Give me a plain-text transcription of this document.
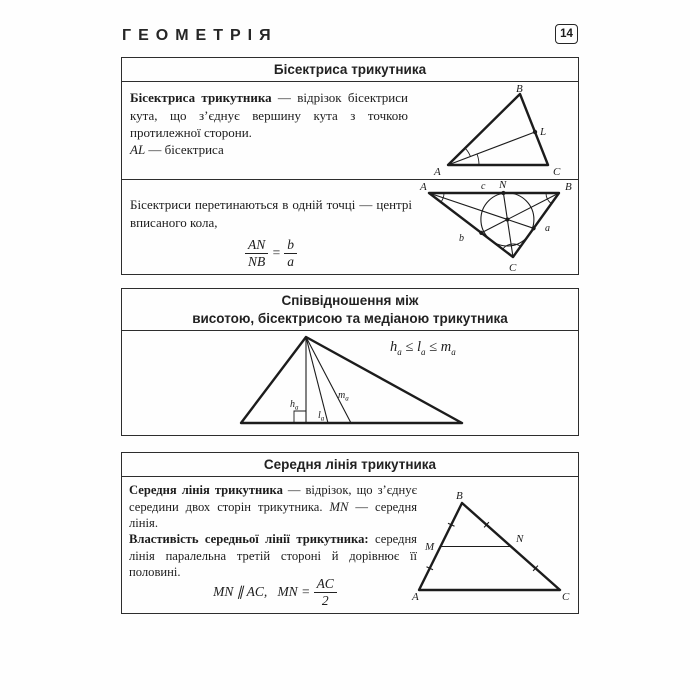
ГЕОМЕТРІЯ	14
Бісектриса трикутника
Бісектриса трикутника — відрізок бісектриси кута, що з’єднує вершину кута з точкою протилежної сторони.
AL — бісектриса
B
L
A	C
Бісектриси перетинаються в одній точці — центрі вписаного кола,
$\frac{AN}{NB} = \frac{b}{a}$
A	B
C
N
c
b
a
Співвідношення між
висотою, бісектрисою та медіаною трикутника
$h_a$
$l_a$
$m_a$
$h_a \le l_a \le m_a$
Середня лінія трикутника
Середня лінія трикутника — відрізок, що з’єднує середини двох сторін трикутника. MN — середня лінія.
Властивість середньої лінії трикутника: середня лінія паралельна третій стороні й дорівнює її половині.
MN ∥ AC, MN = $\frac{AC}{2}$
B
A	C
M
N
